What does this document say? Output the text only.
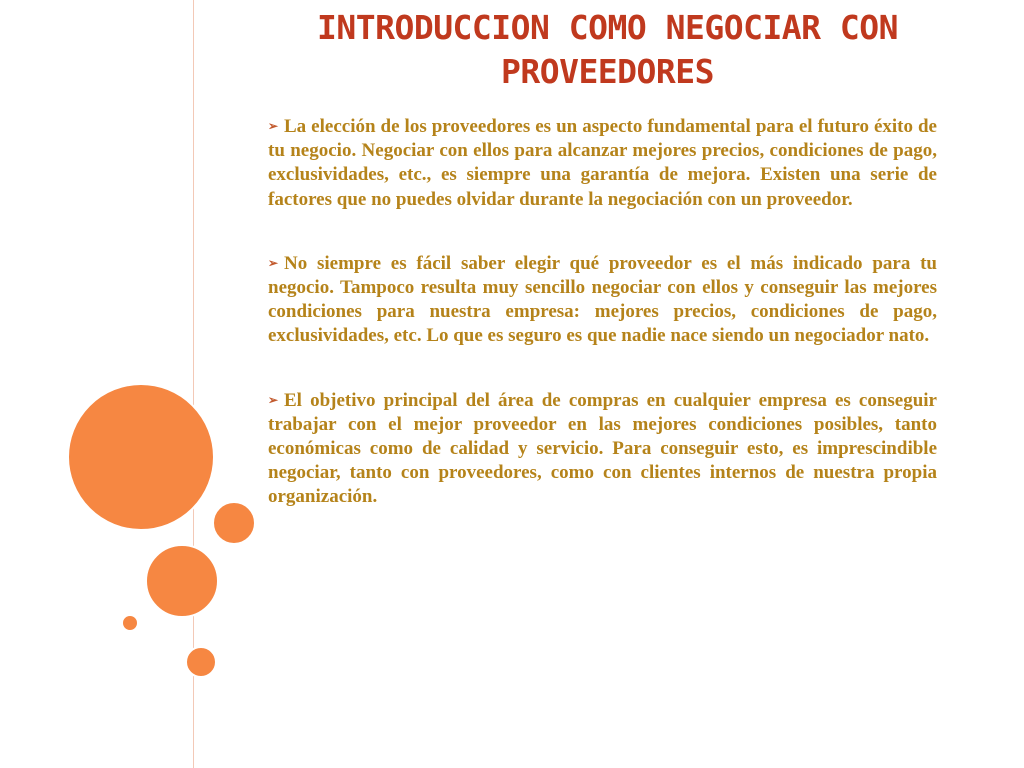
INTRODUCCION COMO NEGOCIAR CON PROVEEDORES

➢ La elección de los proveedores es un aspecto fundamental para el futuro éxito de tu negocio. Negociar con ellos para alcanzar mejores precios, condiciones de pago, exclusividades, etc., es siempre una garantía de mejora. Existen una serie de factores que no puedes olvidar durante la negociación con un proveedor.

➢ No siempre es fácil saber elegir qué proveedor es el más indicado para tu negocio. Tampoco resulta muy sencillo negociar con ellos y conseguir las mejores condiciones para nuestra empresa: mejores precios, condiciones de pago, exclusividades, etc. Lo que es seguro es que nadie nace siendo un negociador nato.

➢ El objetivo principal del área de compras en cualquier empresa es conseguir trabajar con el mejor proveedor en las mejores condiciones posibles, tanto económicas como de calidad y servicio. Para conseguir esto, es imprescindible negociar, tanto con proveedores, como con clientes internos de nuestra propia organización.
